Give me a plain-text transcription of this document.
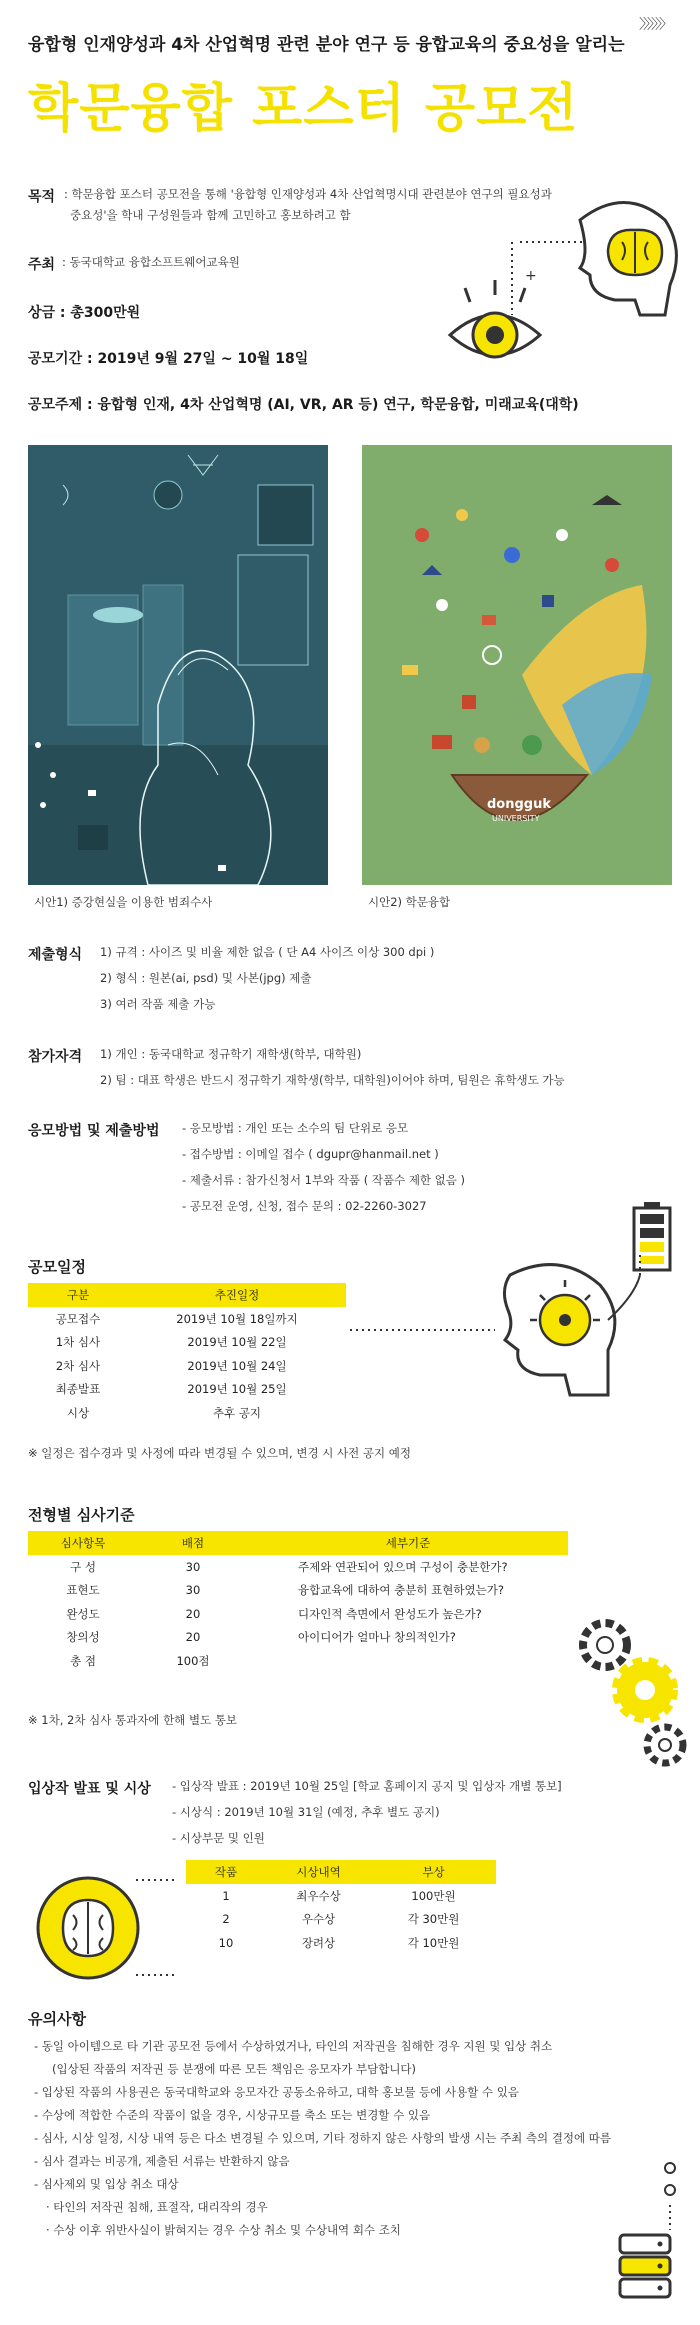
〉〉〉〉〉〉
융합형 인재양성과 4차 산업혁명 관련 분야 연구 등 융합교육의 중요성을 알리는
학문융합 포스터 공모전
목적 : 학문융합 포스터 공모전을 통해 '융합형 인재양성과 4차 산업혁명시대 관련분야 연구의 필요성과
중요성'을 학내 구성원들과 함께 고민하고 홍보하려고 함
주최 : 동국대학교 융합소프트웨어교육원
상금 : 총300만원
공모기간 : 2019년 9월 27일 ~ 10월 18일
공모주제 : 융합형 인재, 4차 산업혁명 (AI, VR, AR 등) 연구, 학문융합, 미래교육(대학)
+
시안1) 증강현실을 이용한 범죄수사
dongguk
UNIVERSITY
시안2) 학문융합
제출형식 1) 규격 : 사이즈 및 비율 제한 없음 ( 단 A4 사이즈 이상 300 dpi )
2) 형식 : 원본(ai, psd) 및 사본(jpg) 제출
3) 여러 작품 제출 가능
참가자격 1) 개인 : 동국대학교 정규학기 재학생(학부, 대학원)
2) 팀 : 대표 학생은 반드시 정규학기 재학생(학부, 대학원)이어야 하며, 팀원은 휴학생도 가능
응모방법 및 제출방법 - 응모방법 : 개인 또는 소수의 팀 단위로 응모
- 접수방법 : 이메일 접수 ( dgupr@hanmail.net )
- 제출서류 : 참가신청서 1부와 작품 ( 작품수 제한 없음 )
- 공모전 운영, 신청, 접수 문의 : 02-2260-3027
공모일정
구분	추진일정
공모접수	2019년 10월 18일까지
1차 심사	2019년 10월 22일
2차 심사	2019년 10월 24일
최종발표	2019년 10월 25일
시상	추후 공지
※ 일정은 접수경과 및 사정에 따라 변경될 수 있으며, 변경 시 사전 공지 예정
전형별 심사기준
심사항목	배점	세부기준
구 성	30	주제와 연관되어 있으며 구성이 충분한가?
표현도	30	융합교육에 대하여 충분히 표현하였는가?
완성도	20	디자인적 측면에서 완성도가 높은가?
창의성	20	아이디어가 얼마나 창의적인가?
총 점	100점	
※ 1차, 2차 심사 통과자에 한해 별도 통보
입상작 발표 및 시상 - 입상작 발표 : 2019년 10월 25일 [학교 홈페이지 공지 및 입상자 개별 통보]
- 시상식 : 2019년 10월 31일 (예정, 추후 별도 공지)
- 시상부문 및 인원
작품	시상내역	부상
1	최우수상	100만원
2	우수상	각 30만원
10	장려상	각 10만원
유의사항
- 동일 아이템으로 타 기관 공모전 등에서 수상하였거나, 타인의 저작권을 침해한 경우 지원 및 입상 취소
(입상된 작품의 저작권 등 분쟁에 따른 모든 책임은 응모자가 부담합니다)
- 입상된 작품의 사용권은 동국대학교와 응모자간 공동소유하고, 대학 홍보물 등에 사용할 수 있음
- 수상에 적합한 수준의 작품이 없을 경우, 시상규모를 축소 또는 변경할 수 있음
- 심사, 시상 일정, 시상 내역 등은 다소 변경될 수 있으며, 기타 정하지 않은 사항의 발생 시는 주최 측의 결정에 따름
- 심사 결과는 비공개, 제출된 서류는 반환하지 않음
- 심사제외 및 입상 취소 대상
· 타인의 저작권 침해, 표절작, 대리작의 경우
· 수상 이후 위반사실이 밝혀지는 경우 수상 취소 및 수상내역 회수 조치
